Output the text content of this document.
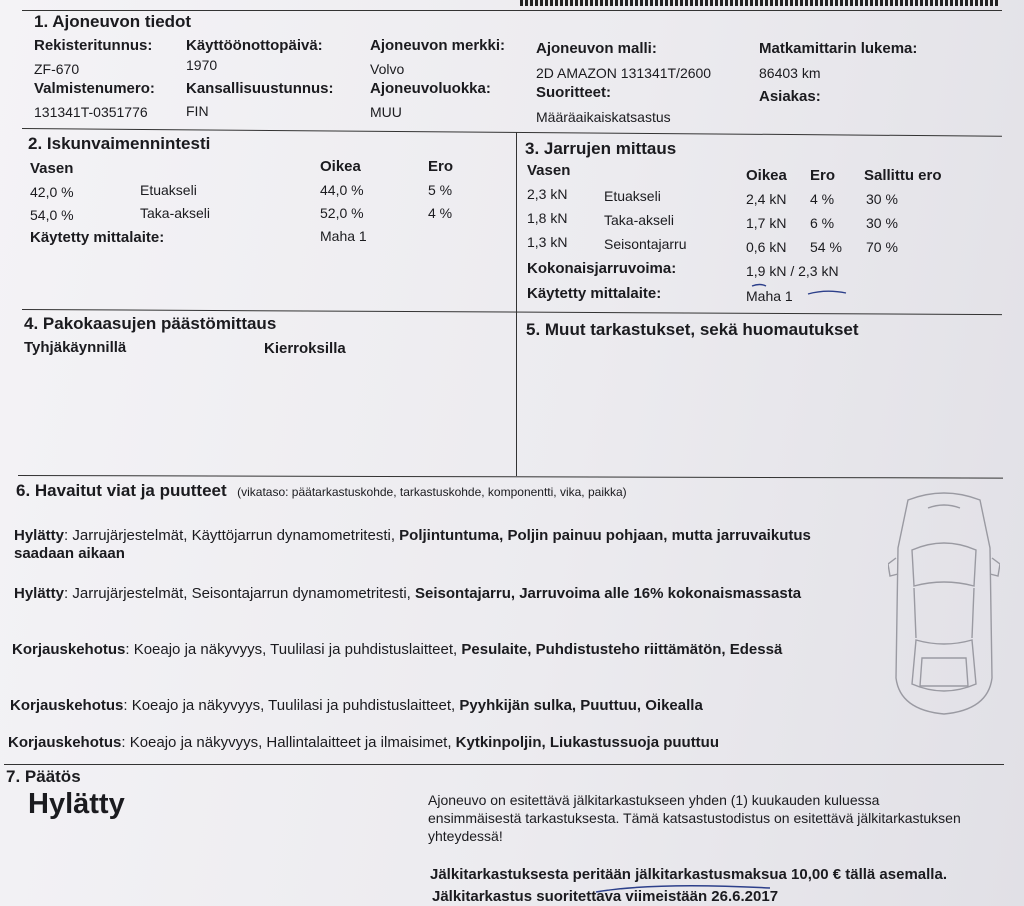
1. Ajoneuvon tiedot
Rekisteritunnus:
ZF-670
Käyttöönottopäivä:
1970
Ajoneuvon merkki:
Volvo
Ajoneuvon malli:
2D AMAZON 131341T/2600
Matkamittarin lukema:
86403 km
Valmistenumero:
131341T-0351776
Kansallisuustunnus:
FIN
Ajoneuvoluokka:
MUU
Suoritteet:
Määräaikaiskatsastus
Asiakas:
2. Iskunvaimennintesti
Vasen	Oikea	Ero
42,0 %	Etuakseli	44,0 %	5 %
54,0 %	Taka-akseli	52,0 %	4 %
Käytetty mittalaite:	Maha 1
3. Jarrujen mittaus
Vasen	Oikea Ero Sallittu ero
2,3 kN	Etuakseli	2,4 kN 4 % 30 %
1,8 kN	Taka-akseli	1,7 kN 6 % 30 %
1,3 kN	Seisontajarru	0,6 kN 54 % 70 %
Kokonaisjarruvoima:	1,9 kN / 2,3 kN
Käytetty mittalaite:	Maha 1
4. Pakokaasujen päästömittaus
Tyhjäkäynnillä	Kierroksilla
5. Muut tarkastukset, sekä huomautukset
6. Havaitut viat ja puutteet (vikataso: päätarkastuskohde, tarkastuskohde, komponentti, vika, paikka)
Hylätty: Jarrujärjestelmät, Käyttöjarrun dynamometritesti, Poljintuntuma, Poljin painuu pohjaan, mutta jarruvaikutus saadaan aikaan
Hylätty: Jarrujärjestelmät, Seisontajarrun dynamometritesti, Seisontajarru, Jarruvoima alle 16% kokonaismassasta
Korjauskehotus: Koeajo ja näkyvyys, Tuulilasi ja puhdistuslaitteet, Pesulaite, Puhdistusteho riittämätön, Edessä
Korjauskehotus: Koeajo ja näkyvyys, Tuulilasi ja puhdistuslaitteet, Pyyhkijän sulka, Puuttuu, Oikealla
Korjauskehotus: Koeajo ja näkyvyys, Hallintalaitteet ja ilmaisimet, Kytkinpoljin, Liukastussuoja puuttuu
7. Päätös
Hylätty	Ajoneuvo on esitettävä jälkitarkastukseen yhden (1) kuukauden kuluessa ensimmäisestä tarkastuksesta. Tämä katsastustodistus on esitettävä jälkitarkastuksen yhteydessä!
Jälkitarkastuksesta peritään jälkitarkastusmaksua 10,00 € tällä asemalla.
Jälkitarkastus suoritettava viimeistään 26.6.2017
